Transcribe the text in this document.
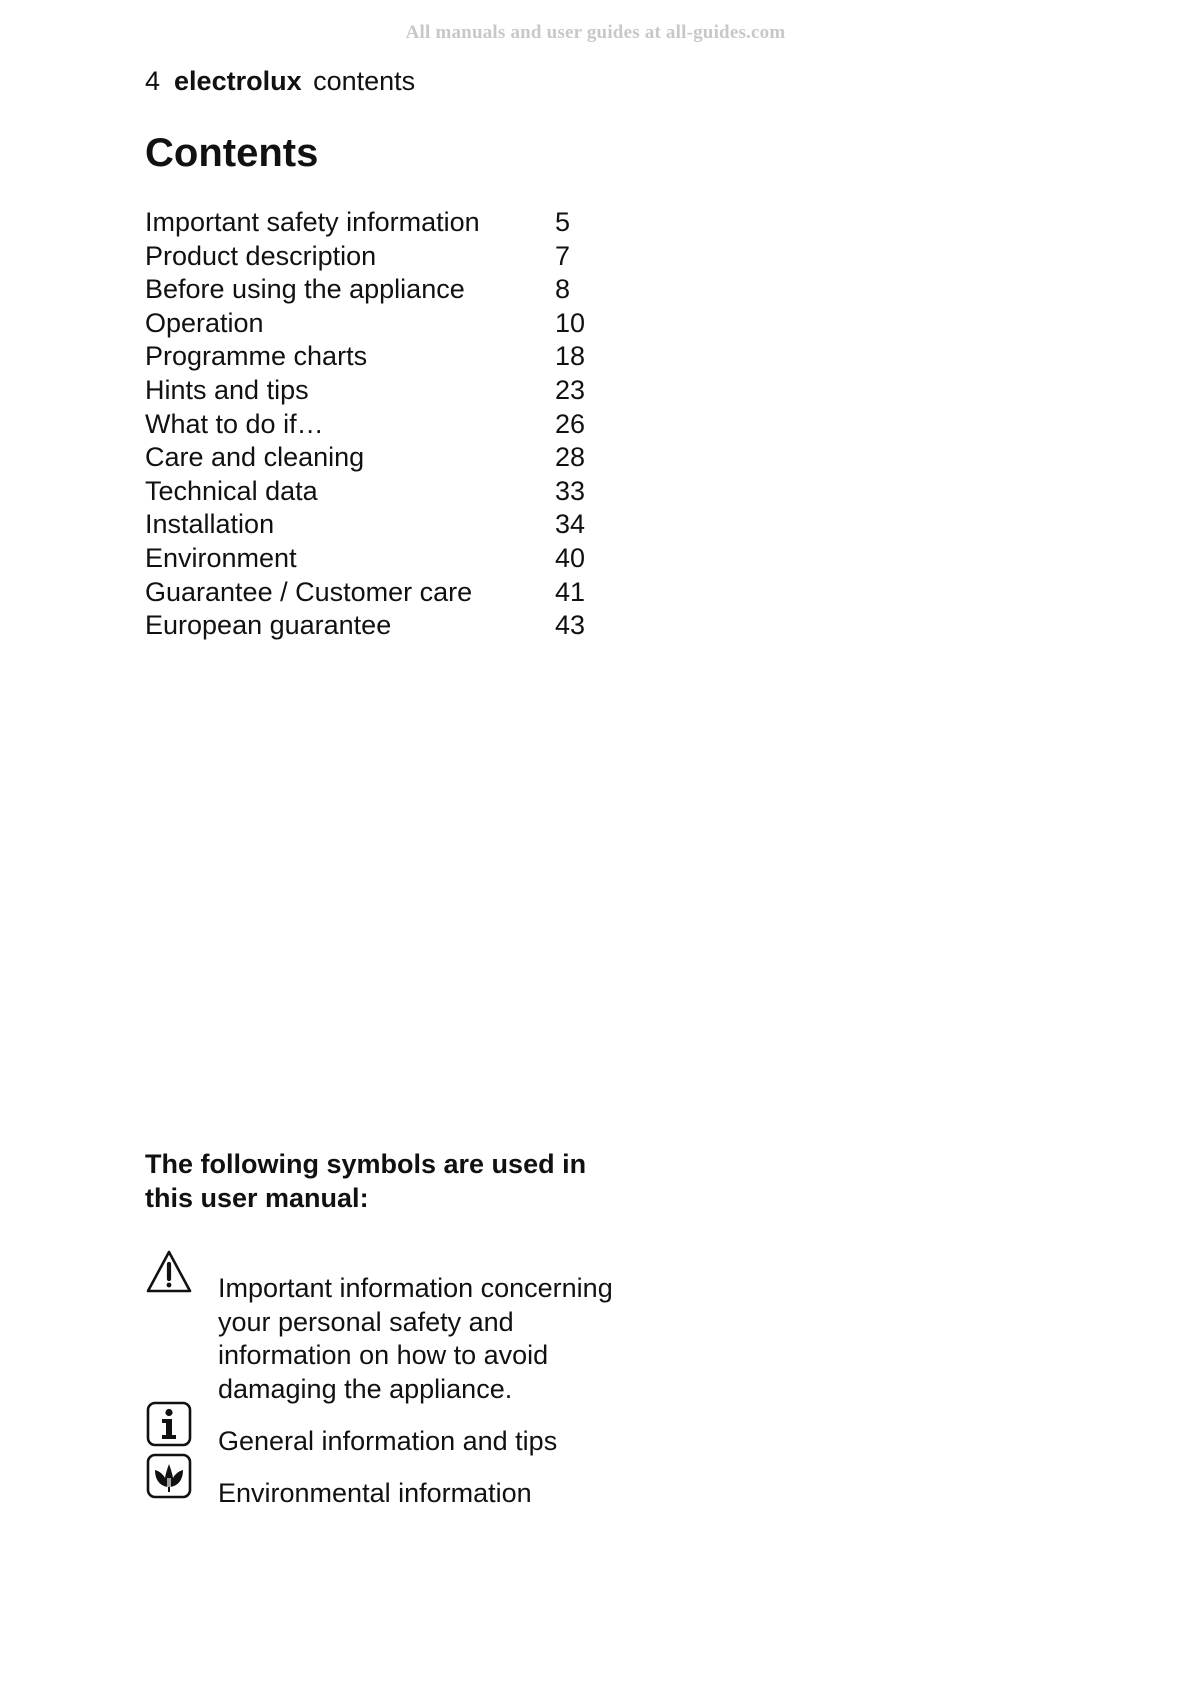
All manuals and user guides at all-guides.com
4 electrolux contents
Contents
Important safety information	5
Product description	7
Before using the appliance	8
Operation	10
Programme charts	18
Hints and tips	23
What to do if…	26
Care and cleaning	28
Technical data	33
Installation	34
Environment	40
Guarantee / Customer care	41
European guarantee	43
The following symbols are used in this user manual:
Important information concerning your personal safety and information on how to avoid damaging the appliance.
General information and tips
Environmental information
